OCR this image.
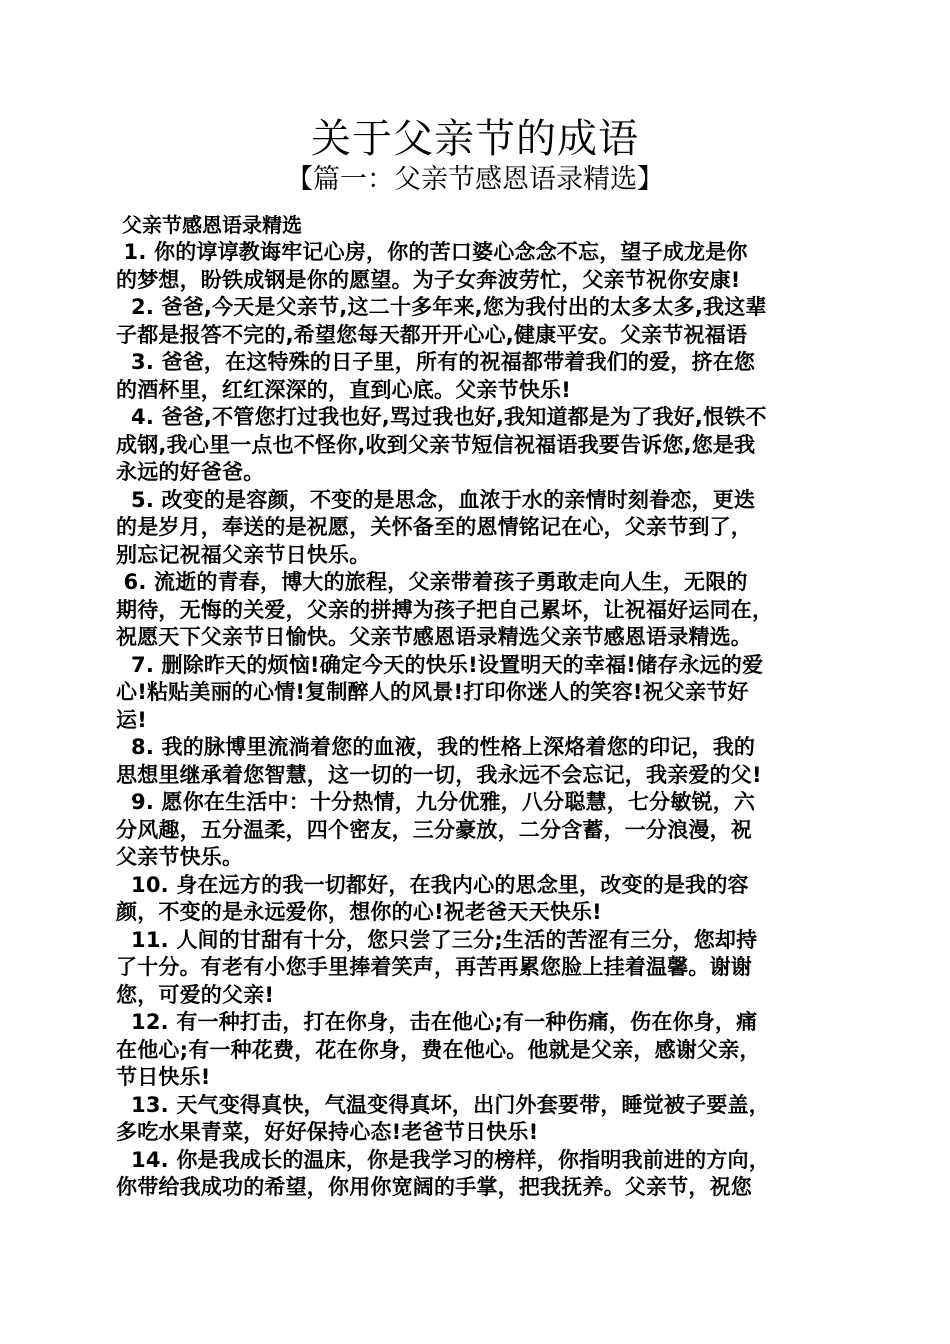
关于父亲节的成语
【篇一：父亲节感恩语录精选】
父亲节感恩语录精选
1. 你的谆谆教诲牢记心房，你的苦口婆心念念不忘，望子成龙是你
的梦想，盼铁成钢是你的愿望。为子女奔波劳忙，父亲节祝你安康!
2. 爸爸,今天是父亲节,这二十多年来,您为我付出的太多太多,我这辈
子都是报答不完的,希望您每天都开开心心,健康平安。父亲节祝福语
3. 爸爸，在这特殊的日子里，所有的祝福都带着我们的爱，挤在您
的酒杯里，红红深深的，直到心底。父亲节快乐!
4. 爸爸,不管您打过我也好,骂过我也好,我知道都是为了我好,恨铁不
成钢,我心里一点也不怪你,收到父亲节短信祝福语我要告诉您,您是我
永远的好爸爸。
5. 改变的是容颜，不变的是思念，血浓于水的亲情时刻眷恋，更迭
的是岁月，奉送的是祝愿，关怀备至的恩情铭记在心，父亲节到了，
别忘记祝福父亲节日快乐。
6. 流逝的青春，博大的旅程，父亲带着孩子勇敢走向人生，无限的
期待，无悔的关爱，父亲的拼搏为孩子把自己累坏，让祝福好运同在，
祝愿天下父亲节日愉快。父亲节感恩语录精选父亲节感恩语录精选。
7. 删除昨天的烦恼!确定今天的快乐!设置明天的幸福!储存永远的爱
心!粘贴美丽的心情!复制醉人的风景!打印你迷人的笑容!祝父亲节好
运!
8. 我的脉博里流淌着您的血液，我的性格上深烙着您的印记，我的
思想里继承着您智慧，这一切的一切，我永远不会忘记，我亲爱的父!
9. 愿你在生活中：十分热情，九分优雅，八分聪慧，七分敏锐，六
分风趣，五分温柔，四个密友，三分豪放，二分含蓄，一分浪漫，祝
父亲节快乐。
10. 身在远方的我一切都好，在我内心的思念里，改变的是我的容
颜，不变的是永远爱你，想你的心!祝老爸天天快乐!
11. 人间的甘甜有十分，您只尝了三分;生活的苦涩有三分，您却持
了十分。有老有小您手里捧着笑声，再苦再累您脸上挂着温馨。谢谢
您，可爱的父亲!
12. 有一种打击，打在你身，击在他心;有一种伤痛，伤在你身，痛
在他心;有一种花费，花在你身，费在他心。他就是父亲，感谢父亲，
节日快乐!
13. 天气变得真快，气温变得真坏，出门外套要带，睡觉被子要盖，
多吃水果青菜，好好保持心态!老爸节日快乐!
14. 你是我成长的温床，你是我学习的榜样，你指明我前进的方向，
你带给我成功的希望，你用你宽阔的手掌，把我抚养。父亲节，祝您
